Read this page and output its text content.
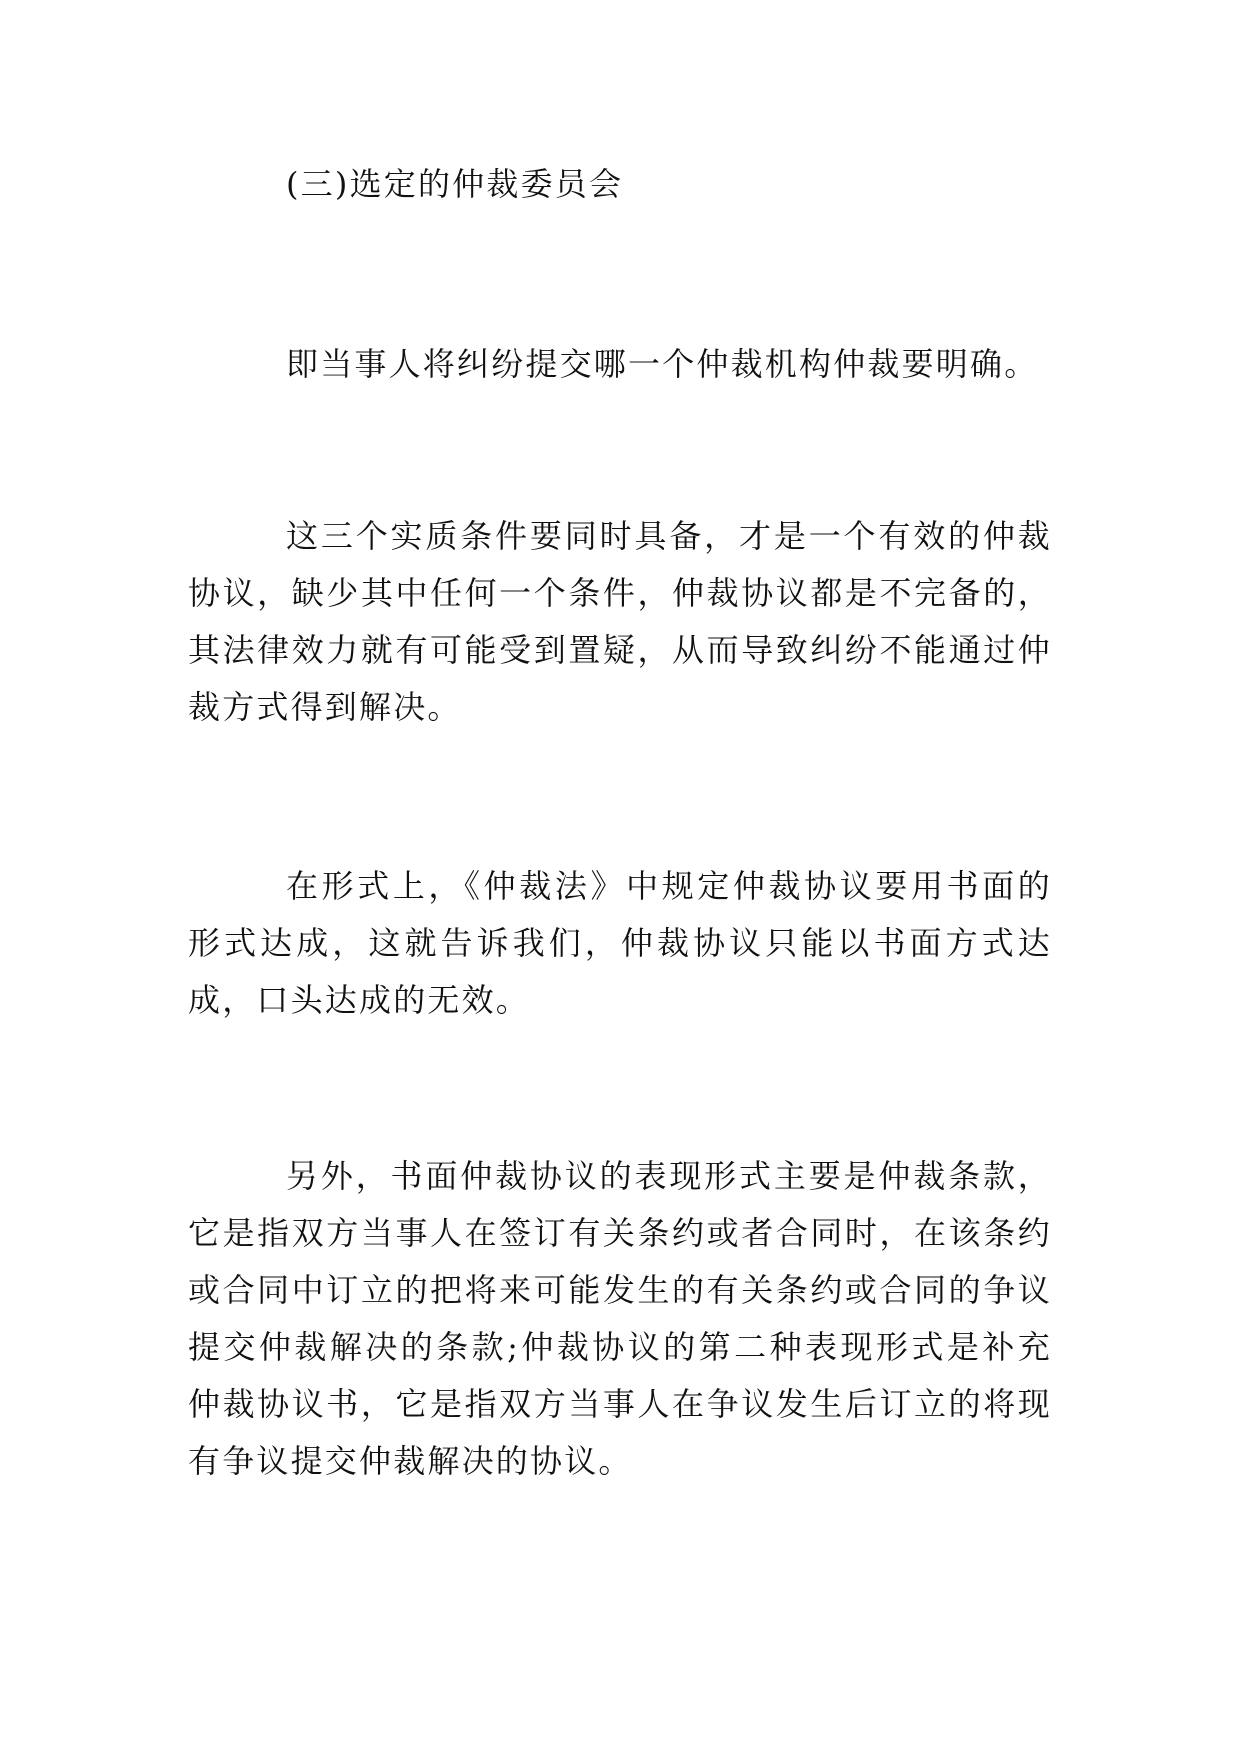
(三)选定的仲裁委员会

即当事人将纠纷提交哪一个仲裁机构仲裁要明确。

这三个实质条件要同时具备，才是一个有效的仲裁协议，缺少其中任何一个条件，仲裁协议都是不完备的，其法律效力就有可能受到置疑，从而导致纠纷不能通过仲裁方式得到解决。

在形式上，《仲裁法》中规定仲裁协议要用书面的形式达成，这就告诉我们，仲裁协议只能以书面方式达成，口头达成的无效。

另外，书面仲裁协议的表现形式主要是仲裁条款，它是指双方当事人在签订有关条约或者合同时，在该条约或合同中订立的把将来可能发生的有关条约或合同的争议提交仲裁解决的条款;仲裁协议的第二种表现形式是补充仲裁协议书，它是指双方当事人在争议发生后订立的将现有争议提交仲裁解决的协议。
